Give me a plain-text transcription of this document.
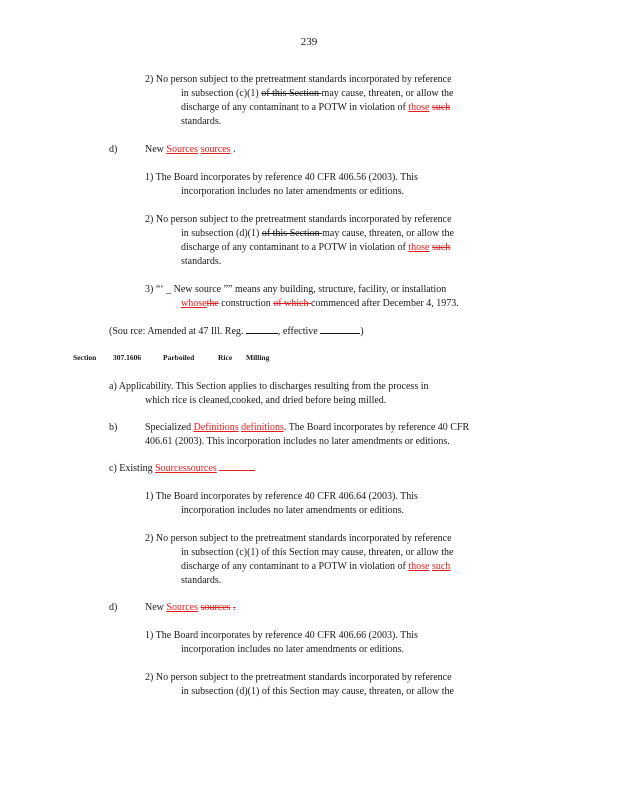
239
2) No person subject to the pretreatment standards incorporated by reference
in subsection (c)(1) of this Section may cause, threaten, or allow the
discharge of any contaminant to a POTW in violation of those such
standards.
d)	New Sources sources .
1) The Board incorporates by reference 40 CFR 406.56 (2003). This
incorporation includes no later amendments or editions.
2) No person subject to the pretreatment standards incorporated by reference
in subsection (d)(1) of this Section may cause, threaten, or allow the
discharge of any contaminant to a POTW in violation of those such
standards.
3) “‘ _ New source ”” means any building, structure, facility, or installation
whosethe construction of which commenced after December 4, 1973.
(Sou rce: Amended at 47 Ill. Reg.	, effective	)
Section 307.1606	Parboiled	Rice Milling
a) Applicability. This Section applies to discharges resulting from the process in
which rice is cleaned,cooked, and dried before being milled.
b)	Specialized Definitions definitions. The Board incorporates by reference 40 CFR
406.61 (2003). This incorporation includes no later amendments or editions.
c) Existing Sourcessources
1) The Board incorporates by reference 40 CFR 406.64 (2003). This
incorporation includes no later amendments or editions.
2) No person subject to the pretreatment standards incorporated by reference
in subsection (c)(1) of this Section may cause, threaten, or allow the
discharge of any contaminant to a POTW in violation of those such
standards.
d)	New Sources sources .
1) The Board incorporates by reference 40 CFR 406.66 (2003). This
incorporation includes no later amendments or editions.
2) No person subject to the pretreatment standards incorporated by reference
in subsection (d)(1) of this Section may cause, threaten, or allow the
